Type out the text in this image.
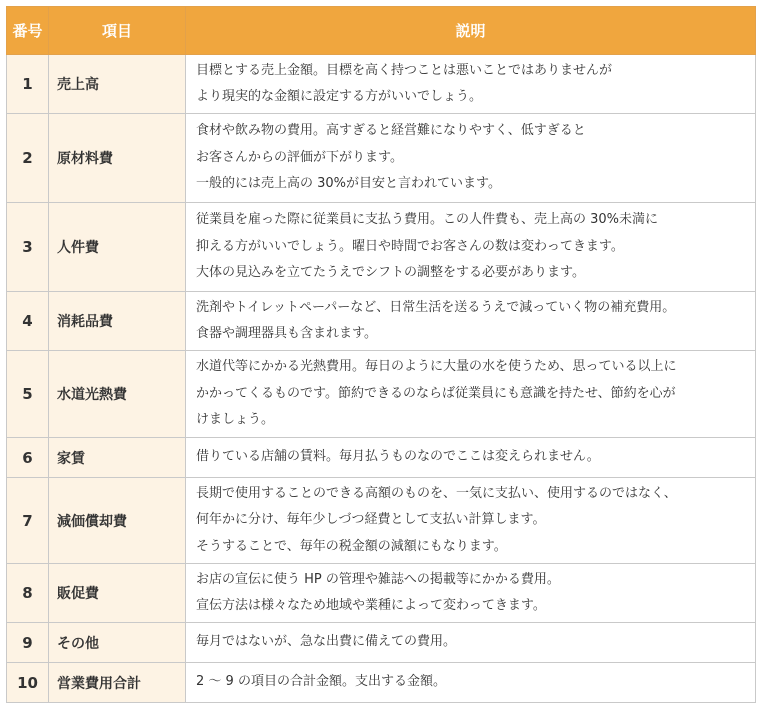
番号	項目	説明
1	売上高	目標とする売上金額。目標を高く持つことは悪いことではありませんが
より現実的な金額に設定する方がいいでしょう。

2	原材料費	食材や飲み物の費用。高すぎると経営難になりやすく、低すぎると
お客さんからの評価が下がります。
一般的には売上高の 30%が目安と言われています。

3	人件費	従業員を雇った際に従業員に支払う費用。この人件費も、売上高の 30%未満に
抑える方がいいでしょう。曜日や時間でお客さんの数は変わってきます。
大体の見込みを立てたうえでシフトの調整をする必要があります。

4	消耗品費	洗剤やトイレットペーパーなど、日常生活を送るうえで減っていく物の補充費用。
食器や調理器具も含まれます。

5	水道光熱費	水道代等にかかる光熱費用。毎日のように大量の水を使うため、思っている以上に
かかってくるものです。節約できるのならば従業員にも意識を持たせ、節約を心が
けましょう。

6	家賃	借りている店舗の賃料。毎月払うものなのでここは変えられません。

7	減価償却費	長期で使用することのできる高額のものを、一気に支払い、使用するのではなく、
何年かに分け、毎年少しづつ経費として支払い計算します。
そうすることで、毎年の税金額の減額にもなります。

8	販促費	お店の宣伝に使う HP の管理や雑誌への掲載等にかかる費用。
宣伝方法は様々なため地域や業種によって変わってきます。

9	その他	毎月ではないが、急な出費に備えての費用。

10	営業費用合計	2 ～ 9 の項目の合計金額。支出する金額。
